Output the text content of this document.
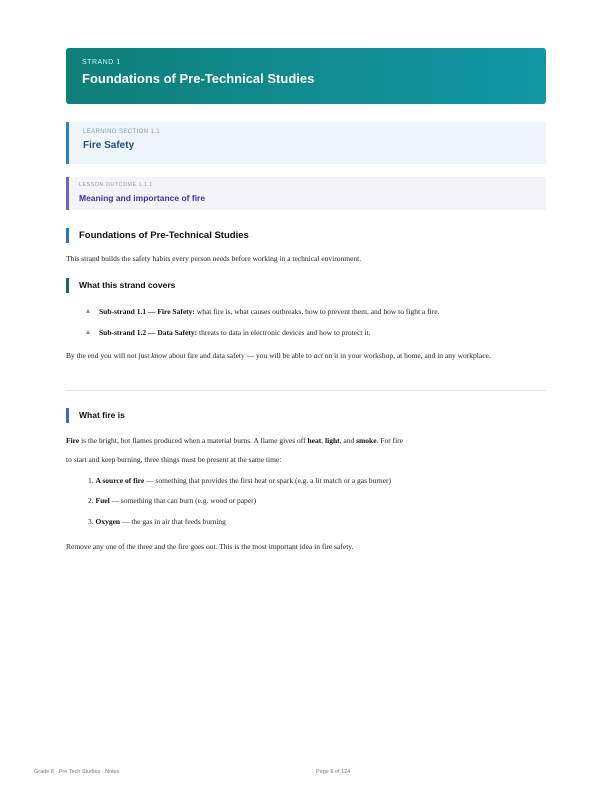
STRAND 1
Foundations of Pre-Technical Studies
LEARNING SECTION 1.1
Fire Safety
LESSON OUTCOME 1.1.1
Meaning and importance of fire
Foundations of Pre-Technical Studies
This strand builds the safety habits every person needs before working in a technical environment.
What this strand covers
Sub-strand 1.1 — Fire Safety: what fire is, what causes outbreaks, how to prevent them, and how to fight a fire.
Sub-strand 1.2 — Data Safety: threats to data in electronic devices and how to protect it.
By the end you will not just know about fire and data safety — you will be able to act on it in your workshop, at home, and in any workplace.
What fire is
Fire is the bright, hot flames produced when a material burns. A flame gives off heat, light, and smoke. For fire
to start and keep burning, three things must be present at the same time:
1. A source of fire — something that provides the first heat or spark (e.g. a lit match or a gas burner)
2. Fuel — something that can burn (e.g. wood or paper)
3. Oxygen — the gas in air that feeds burning
Remove any one of the three and the fire goes out. This is the most important idea in fire safety.
Grade 8 · Pre Tech Studies · Notes	Page 6 of 124
